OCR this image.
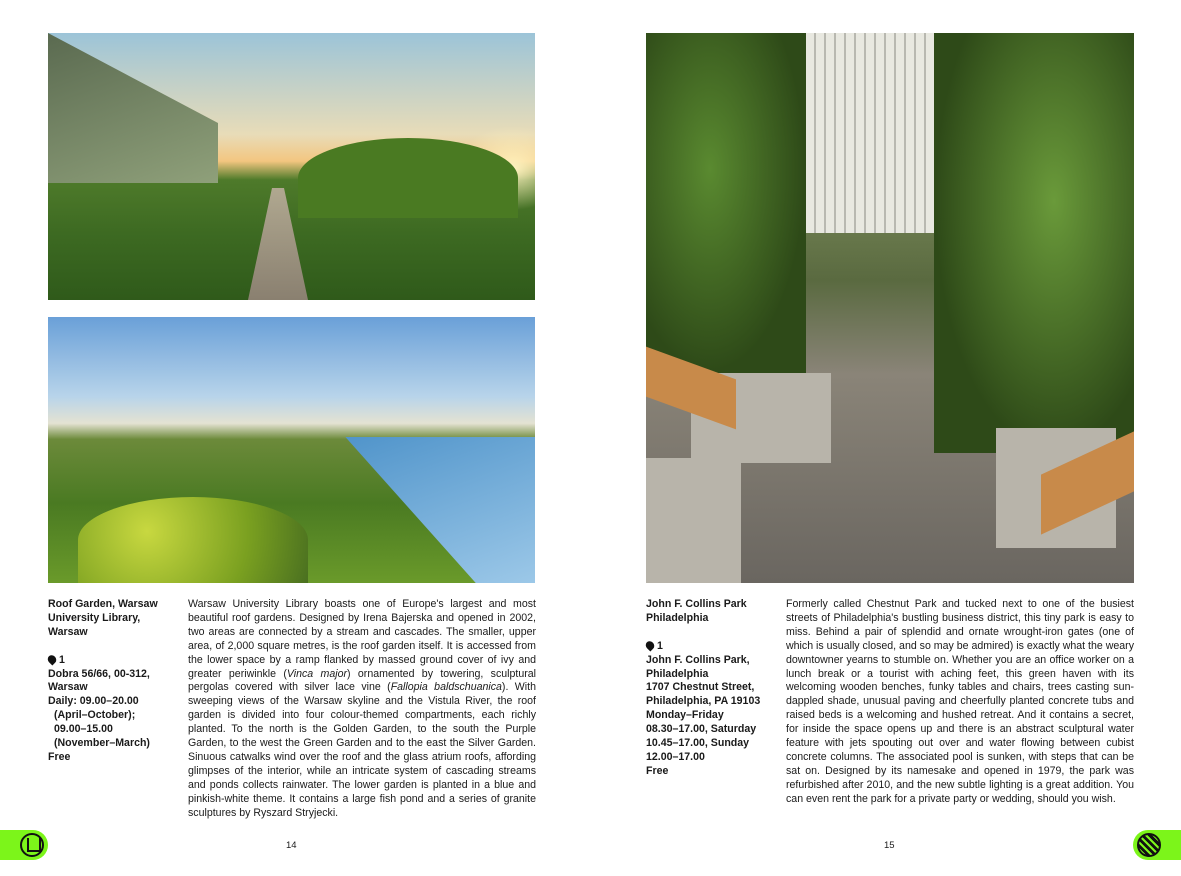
Roof Garden, Warsaw
University Library,
Warsaw
1
Dobra 56/66, 00-312,
Warsaw
Daily: 09.00–20.00
(April–October);
09.00–15.00
(November–March)
Free
Warsaw University Library boasts one of Europe's largest and most beautiful roof gardens. Designed by Irena Bajerska and opened in 2002, two areas are connected by a stream and cascades. The smaller, upper area, of 2,000 square metres, is the roof garden itself. It is accessed from the lower space by a ramp flanked by massed ground cover of ivy and greater periwinkle (Vinca major) ornamented by towering, sculptural pergolas covered with silver lace vine (Fallopia baldschuanica). With sweeping views of the Warsaw skyline and the Vistula River, the roof garden is divided into four colour-themed compartments, each richly planted. To the north is the Golden Garden, to the south the Purple Garden, to the west the Green Garden and to the east the Silver Garden. Sinuous catwalks wind over the roof and the glass atrium roofs, affording glimpses of the interior, while an intricate system of cascading streams and ponds collects rainwater. The lower garden is planted in a blue and pinkish-white theme. It contains a large fish pond and a series of granite sculptures by Ryszard Stryjecki.
John F. Collins Park
Philadelphia
1
John F. Collins Park,
Philadelphia
1707 Chestnut Street,
Philadelphia, PA 19103
Monday–Friday
08.30–17.00, Saturday
10.45–17.00, Sunday
12.00–17.00
Free
Formerly called Chestnut Park and tucked next to one of the busiest streets of Philadelphia's bustling business district, this tiny park is easy to miss. Behind a pair of splendid and ornate wrought-iron gates (one of which is usually closed, and so may be admired) is exactly what the weary downtowner yearns to stumble on. Whether you are an office worker on a lunch break or a tourist with aching feet, this green haven with its welcoming wooden benches, funky tables and chairs, trees casting sun-dappled shade, unusual paving and cheerfully planted concrete tubs and raised beds is a welcoming and hushed retreat. And it contains a secret, for inside the space opens up and there is an abstract sculptural water feature with jets spouting out over and water flowing between cubist concrete columns. The associated pool is sunken, with steps that can be sat on. Designed by its namesake and opened in 1979, the park was refurbished after 2010, and the new subtle lighting is a great addition. You can even rent the park for a private party or wedding, should you wish.
14	15
